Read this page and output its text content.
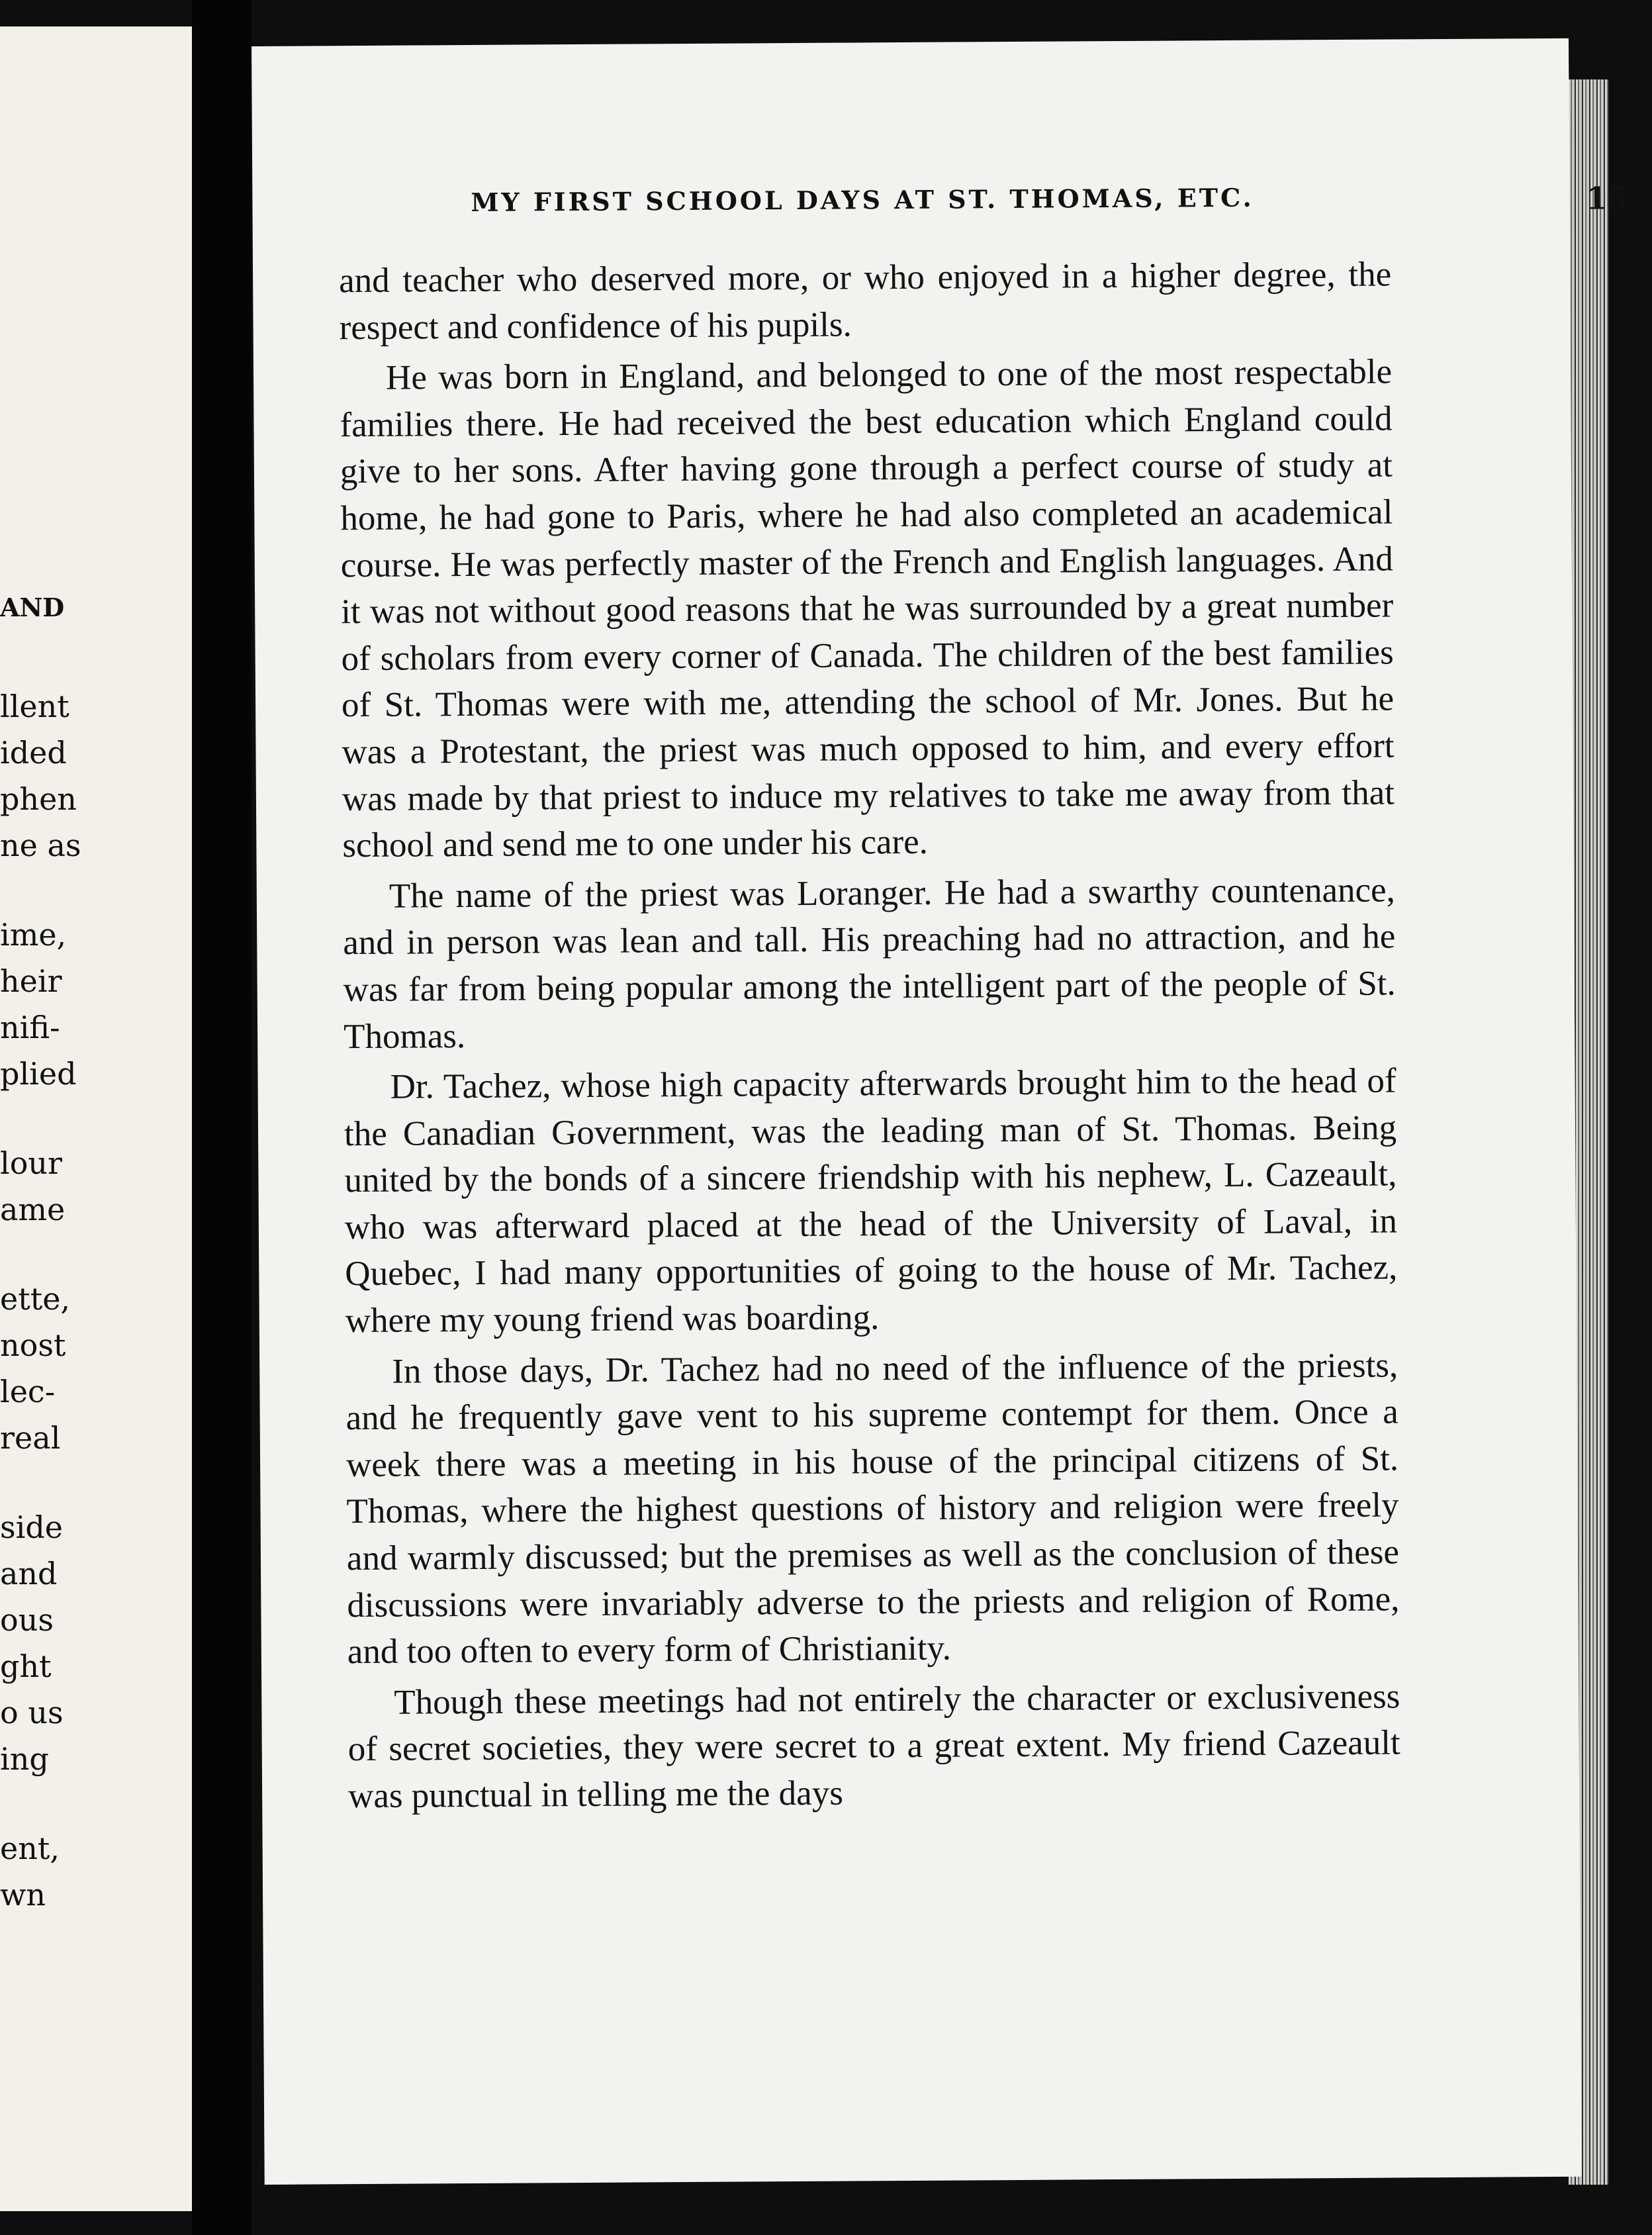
AND
llent
ided
phen
ne as
ime,
heir
nifi-
plied
lour
ame
ette,
nost
lec-
real
side
and
ous
ght
o us
ing
ent,
wn
MY FIRST SCHOOL DAYS AT ST. THOMAS, ETC.	15

and teacher who deserved more, or who enjoyed in a higher degree, the respect and confidence of his pupils.

He was born in England, and belonged to one of the most respectable families there. He had received the best education which England could give to her sons. After having gone through a perfect course of study at home, he had gone to Paris, where he had also completed an academical course. He was perfectly master of the French and English languages. And it was not without good reasons that he was surrounded by a great number of scholars from every corner of Canada. The children of the best families of St. Thomas were with me, attending the school of Mr. Jones. But he was a Protestant, the priest was much opposed to him, and every effort was made by that priest to induce my relatives to take me away from that school and send me to one under his care.

The name of the priest was Loranger. He had a swarthy countenance, and in person was lean and tall. His preaching had no attraction, and he was far from being popular among the intelligent part of the people of St. Thomas.

Dr. Tachez, whose high capacity afterwards brought him to the head of the Canadian Government, was the leading man of St. Thomas. Being united by the bonds of a sincere friendship with his nephew, L. Cazeault, who was afterward placed at the head of the University of Laval, in Quebec, I had many opportunities of going to the house of Mr. Tachez, where my young friend was boarding.

In those days, Dr. Tachez had no need of the influence of the priests, and he frequently gave vent to his supreme contempt for them. Once a week there was a meeting in his house of the principal citizens of St. Thomas, where the highest questions of history and religion were freely and warmly discussed; but the premises as well as the conclusion of these discussions were invariably adverse to the priests and religion of Rome, and too often to every form of Christianity.

Though these meetings had not entirely the character or exclusiveness of secret societies, they were secret to a great extent. My friend Cazeault was punctual in telling me the days
